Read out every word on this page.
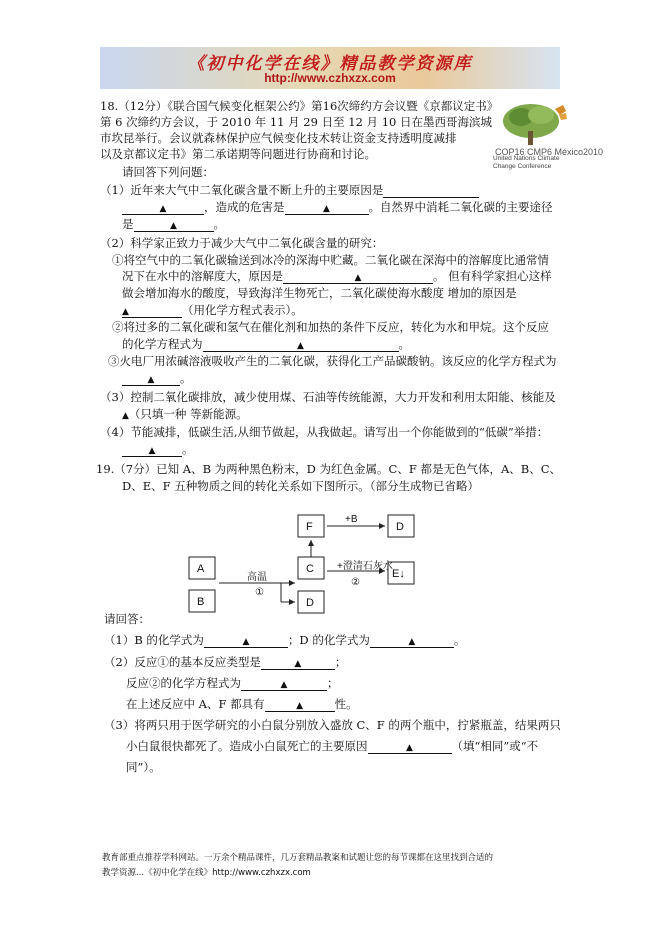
《初中化学在线》精品教学资源库
http://www.czhxzx.com
COP16 CMP6 México2010
United Nations Climate Change Conference
18.（12分）《联合国气候变化框架公约》第16次缔约方会议暨《京都议定书》
第 6 次缔约方会议，于 2010 年 11 月 29 日至 12 月 10 日在墨西哥海滨城
市坎昆举行。会议就森林保护应气候变化技术转让资金支持透明度减排
以及京都议定书》第二承诺期等问题进行协商和讨论。
请回答下列问题：
（1）近年来大气中二氧化碳含量不断上升的主要原因是
▲	，造成的危害是	▲	。自然界中消耗二氧化碳的主要途径
是	▲	。
（2）科学家正致力于减少大气中二氧化碳含量的研究：
①将空气中的二氧化碳输送到冰冷的深海中贮藏。二氧化碳在深海中的溶解度比通常情
况下在水中的溶解度大，原因是	▲	。 但有科学家担心这样
做会增加海水的酸度，导致海洋生物死亡，二氧化碳使海水酸度 增加的原因是
▲	（用化学方程式表示）。
②将过多的二氧化碳和氢气在催化剂和加热的条件下反应，转化为水和甲烷。这个反应
的化学方程式为	▲	。
③火电厂用浓碱溶液吸收产生的二氧化碳，获得化工产品碳酸钠。该反应的化学方程式为
▲ 。
（3）控制二氧化碳排放，减少使用煤、石油等传统能源，大力开发和利用太阳能、核能及
▲（只填一种 等新能源。
（4）节能减排，低碳生活,从细节做起，从我做起。请写出一个你能做到的“低碳”举措：
▲ 。
19.（7分）已知 A、B 为两种黑色粉末，D 为红色金属。C、F 都是无色气体，A、B、C、
D、E、F 五种物质之间的转化关系如下图所示。（部分生成物已省略）
A
B
F
C
D
D
E↓
高温
①
+澄清石灰水
②
+B
请回答：
（1）B 的化学式为	▲	；D 的化学式为	▲	。
（2）反应①的基本反应类型是	▲	；
反应②的化学方程式为	▲	；
在上述反应中 A、F 都具有	▲	性。
（3）将两只用于医学研究的小白鼠分别放入盛放 C、F 的两个瓶中，拧紧瓶盖，结果两只
小白鼠很快都死了。造成小白鼠死亡的主要原因	▲	（填“相同”或“不
同”）。
教育部重点推荐学科网站。一万余个精品课件，几万套精品教案和试题让您的每节课都在这里找到合适的
教学资源...《初中化学在线》http://www.czhxzx.com
